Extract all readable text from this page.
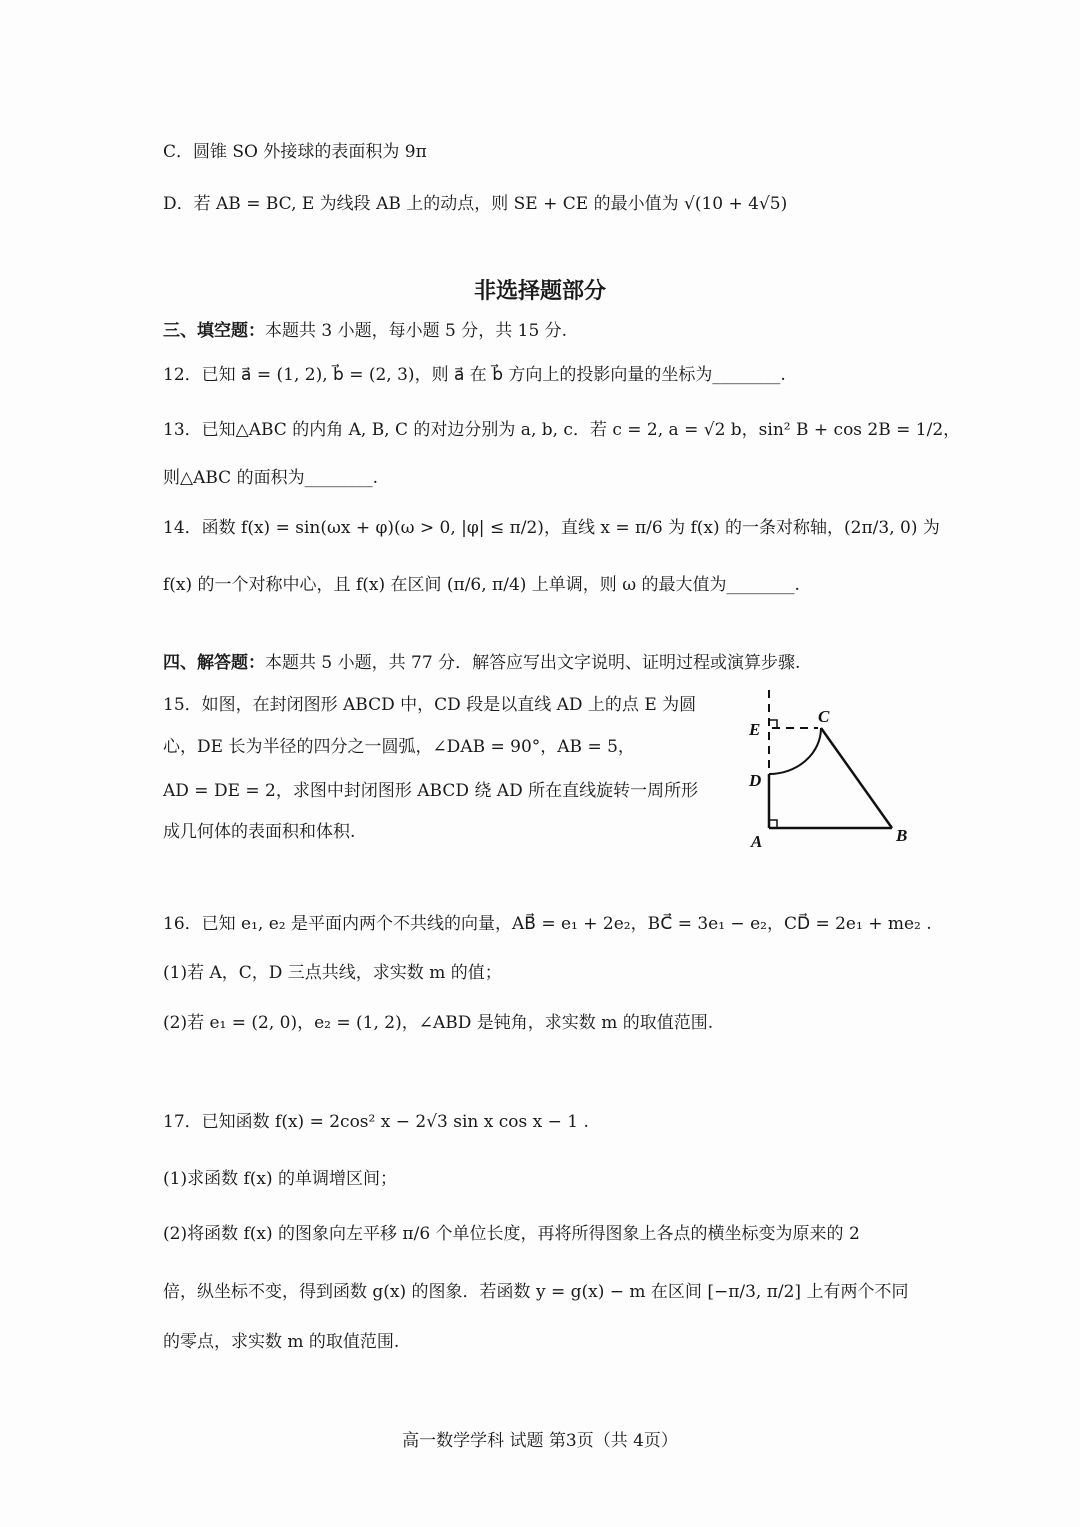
C．圆锥 SO 外接球的表面积为 9π
D．若 AB = BC, E 为线段 AB 上的动点，则 SE + CE 的最小值为 √(10 + 4√5)
非选择题部分
三、填空题：本题共 3 小题，每小题 5 分，共 15 分.
12．已知 a⃗ = (1, 2), b⃗ = (2, 3)，则 a⃗ 在 b⃗ 方向上的投影向量的坐标为________.
13．已知△ABC 的内角 A, B, C 的对边分别为 a, b, c．若 c = 2, a = √2 b，sin² B + cos 2B = 1/2，
则△ABC 的面积为________.
14．函数 f(x) = sin(ωx + φ)(ω > 0, |φ| ≤ π/2)，直线 x = π/6 为 f(x) 的一条对称轴，(2π/3, 0) 为
f(x) 的一个对称中心，且 f(x) 在区间 (π/6, π/4) 上单调，则 ω 的最大值为________.
四、解答题：本题共 5 小题，共 77 分．解答应写出文字说明、证明过程或演算步骤.
15．如图，在封闭图形 ABCD 中，CD 段是以直线 AD 上的点 E 为圆
心，DE 长为半径的四分之一圆弧，∠DAB = 90°，AB = 5，
AD = DE = 2，求图中封闭图形 ABCD 绕 AD 所在直线旋转一周所形
成几何体的表面积和体积.
E
C
D
A	B
16．已知 e₁, e₂ 是平面内两个不共线的向量，AB⃗ = e₁ + 2e₂，BC⃗ = 3e₁ − e₂，CD⃗ = 2e₁ + me₂ .
(1)若 A，C，D 三点共线，求实数 m 的值；
(2)若 e₁ = (2, 0)，e₂ = (1, 2)，∠ABD 是钝角，求实数 m 的取值范围.
17．已知函数 f(x) = 2cos² x − 2√3 sin x cos x − 1 .
(1)求函数 f(x) 的单调增区间；
(2)将函数 f(x) 的图象向左平移 π/6 个单位长度，再将所得图象上各点的横坐标变为原来的 2
倍，纵坐标不变，得到函数 g(x) 的图象．若函数 y = g(x) − m 在区间 [−π/3, π/2] 上有两个不同
的零点，求实数 m 的取值范围.
高一数学学科 试题 第3页（共 4页）
